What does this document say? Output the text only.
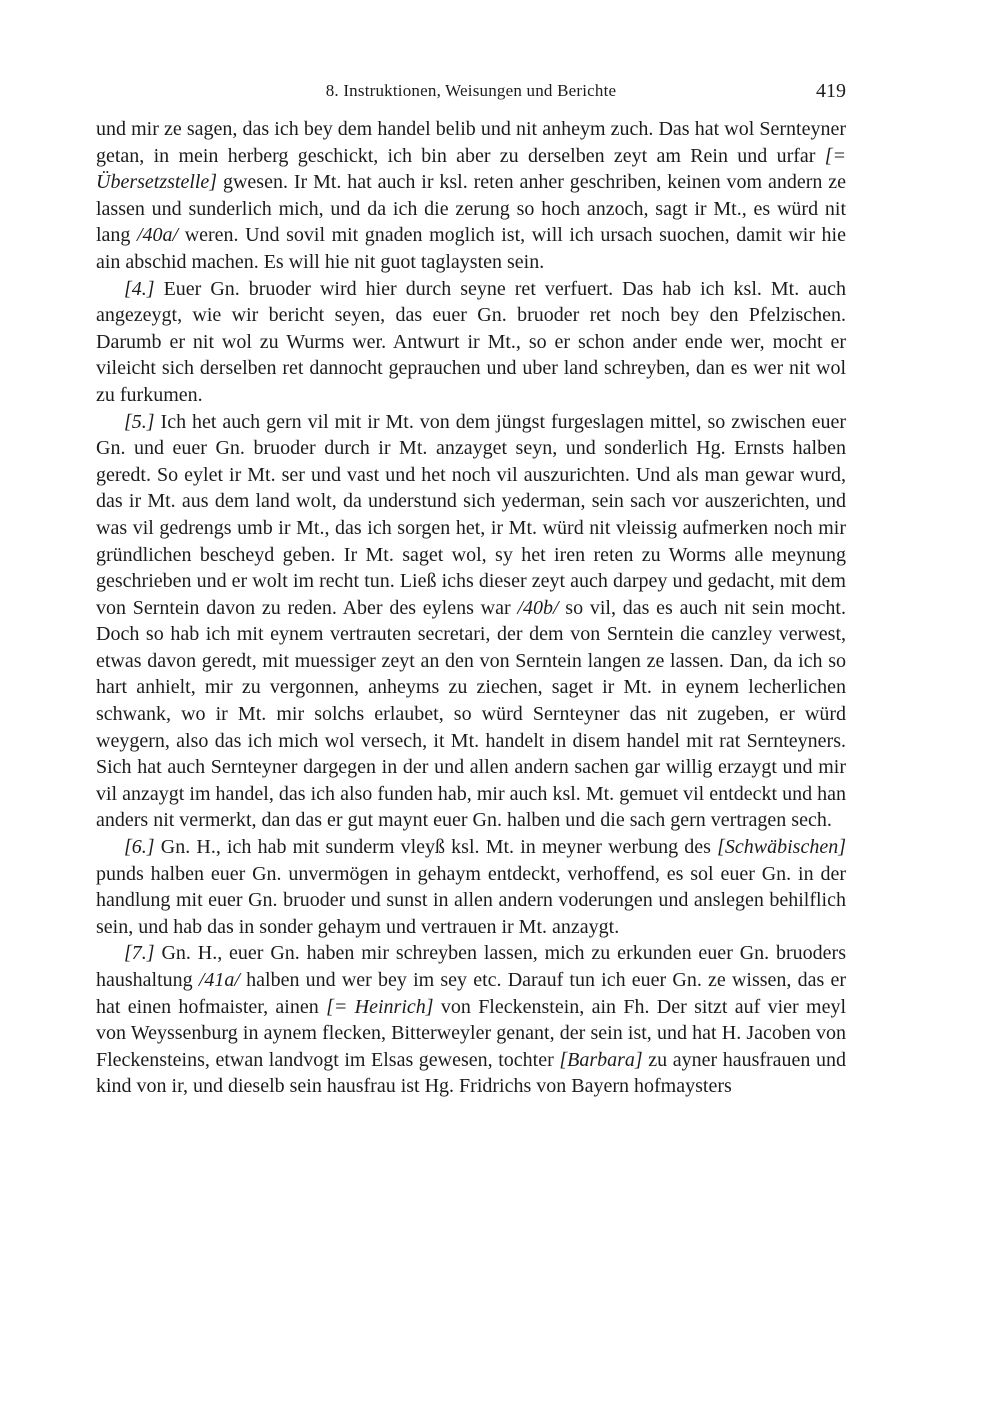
8. Instruktionen, Weisungen und Berichte	419

und mir ze sagen, das ich bey dem handel belib und nit anheym zuch. Das hat wol Sernteyner getan, in mein herberg geschickt, ich bin aber zu derselben zeyt am Rein und urfar [= Übersetzstelle] gwesen. Ir Mt. hat auch ir ksl. reten anher geschriben, keinen vom andern ze lassen und sunderlich mich, und da ich die zerung so hoch anzoch, sagt ir Mt., es würd nit lang /40a/ weren. Und sovil mit gnaden moglich ist, will ich ursach suochen, damit wir hie ain abschid machen. Es will hie nit guot taglaysten sein.

[4.] Euer Gn. bruoder wird hier durch seyne ret verfuert. Das hab ich ksl. Mt. auch angezeygt, wie wir bericht seyen, das euer Gn. bruoder ret noch bey den Pfelzischen. Darumb er nit wol zu Wurms wer. Antwurt ir Mt., so er schon ander ende wer, mocht er vileicht sich derselben ret dannocht geprauchen und uber land schreyben, dan es wer nit wol zu furkumen.

[5.] Ich het auch gern vil mit ir Mt. von dem jüngst furgeslagen mittel, so zwischen euer Gn. und euer Gn. bruoder durch ir Mt. anzayget seyn, und sonderlich Hg. Ernsts halben geredt. So eylet ir Mt. ser und vast und het noch vil auszurichten. Und als man gewar wurd, das ir Mt. aus dem land wolt, da understund sich yederman, sein sach vor auszerichten, und was vil gedrengs umb ir Mt., das ich sorgen het, ir Mt. würd nit vleissig aufmerken noch mir gründlichen bescheyd geben. Ir Mt. saget wol, sy het iren reten zu Worms alle meynung geschrieben und er wolt im recht tun. Ließ ichs dieser zeyt auch darpey und gedacht, mit dem von Serntein davon zu reden. Aber des eylens war /40b/ so vil, das es auch nit sein mocht. Doch so hab ich mit eynem vertrauten secretari, der dem von Serntein die canzley verwest, etwas davon geredt, mit muessiger zeyt an den von Serntein langen ze lassen. Dan, da ich so hart anhielt, mir zu vergonnen, anheyms zu ziechen, saget ir Mt. in eynem lecherlichen schwank, wo ir Mt. mir solchs erlaubet, so würd Sernteyner das nit zugeben, er würd weygern, also das ich mich wol versech, it Mt. handelt in disem handel mit rat Sernteyners. Sich hat auch Sernteyner dargegen in der und allen andern sachen gar willig erzaygt und mir vil anzaygt im handel, das ich also funden hab, mir auch ksl. Mt. gemuet vil entdeckt und han anders nit vermerkt, dan das er gut maynt euer Gn. halben und die sach gern vertragen sech.

[6.] Gn. H., ich hab mit sunderm vleyß ksl. Mt. in meyner werbung des [Schwäbischen] punds halben euer Gn. unvermögen in gehaym entdeckt, verhoffend, es sol euer Gn. in der handlung mit euer Gn. bruoder und sunst in allen andern voderungen und anslegen behilflich sein, und hab das in sonder gehaym und vertrauen ir Mt. anzaygt.

[7.] Gn. H., euer Gn. haben mir schreyben lassen, mich zu erkunden euer Gn. bruoders haushaltung /41a/ halben und wer bey im sey etc. Darauf tun ich euer Gn. ze wissen, das er hat einen hofmaister, ainen [= Heinrich] von Fleckenstein, ain Fh. Der sitzt auf vier meyl von Weyssenburg in aynem flecken, Bitterweyler genant, der sein ist, und hat H. Jacoben von Fleckensteins, etwan landvogt im Elsas gewesen, tochter [Barbara] zu ayner hausfrauen und kind von ir, und dieselb sein hausfrau ist Hg. Fridrichs von Bayern hofmaysters
